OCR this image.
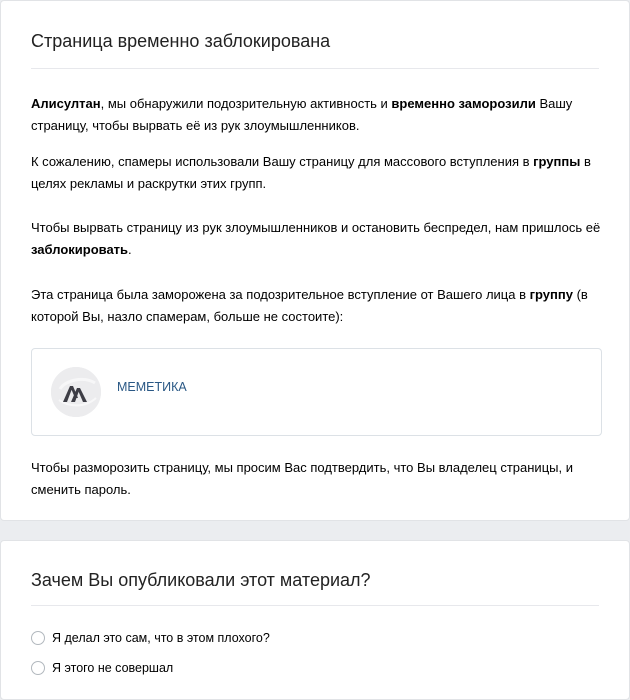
Страница временно заблокирована

Алисултан, мы обнаружили подозрительную активность и временно заморозили Вашу страницу, чтобы вырвать её из рук злоумышленников.

К сожалению, спамеры использовали Вашу страницу для массового вступления в группы в целях рекламы и раскрутки этих групп.

Чтобы вырвать страницу из рук злоумышленников и остановить беспредел, нам пришлось её заблокировать.

Эта страница была заморожена за подозрительное вступление от Вашего лица в группу (в которой Вы, назло спамерам, больше не состоите):

МЕМЕТИКА

Чтобы разморозить страницу, мы просим Вас подтвердить, что Вы владелец страницы, и сменить пароль.

Зачем Вы опубликовали этот материал?
Я делал это сам, что в этом плохого?
Я этого не совершал
